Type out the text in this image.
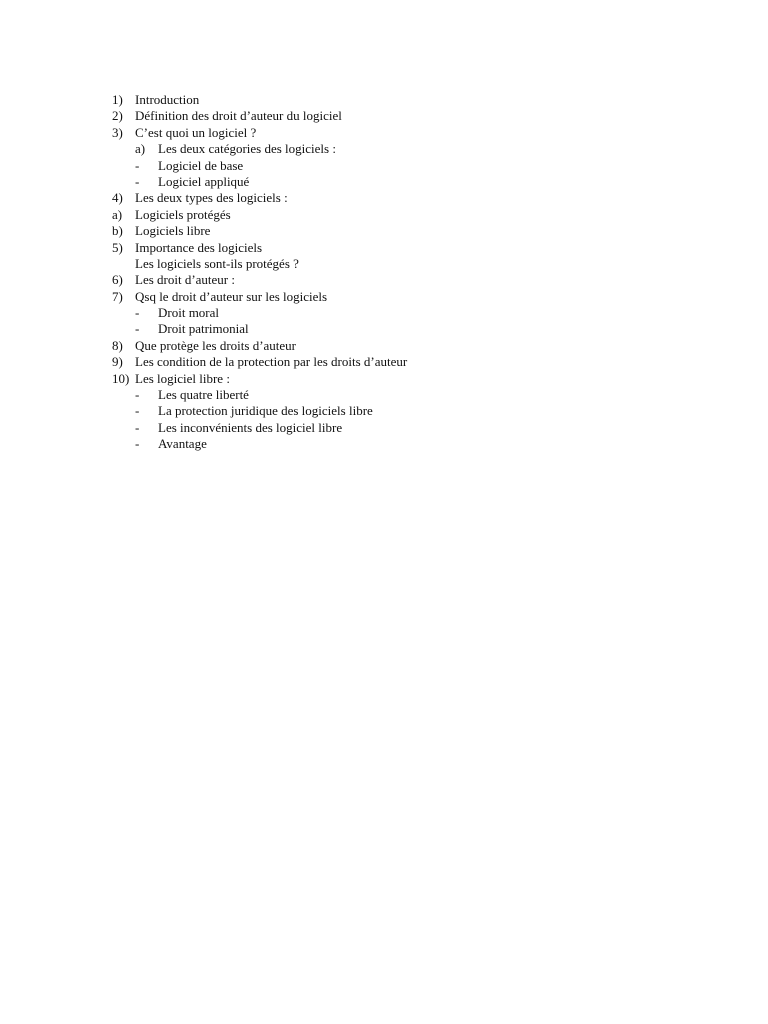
1) Introduction
2) Définition des droit d’auteur du logiciel
3) C’est quoi un logiciel ?
a) Les deux catégories des logiciels :
- Logiciel de base
- Logiciel appliqué
4) Les deux types des logiciels :
a) Logiciels protégés
b) Logiciels libre
5) Importance des logiciels
Les logiciels sont-ils protégés ?
6) Les droit d’auteur :
7) Qsq le droit d’auteur sur les logiciels
- Droit moral
- Droit patrimonial
8) Que protège les droits d’auteur
9) Les condition de la protection par les droits d’auteur
10) Les logiciel libre :
- Les quatre liberté
- La protection juridique des logiciels libre
- Les inconvénients des logiciel libre
- Avantage
